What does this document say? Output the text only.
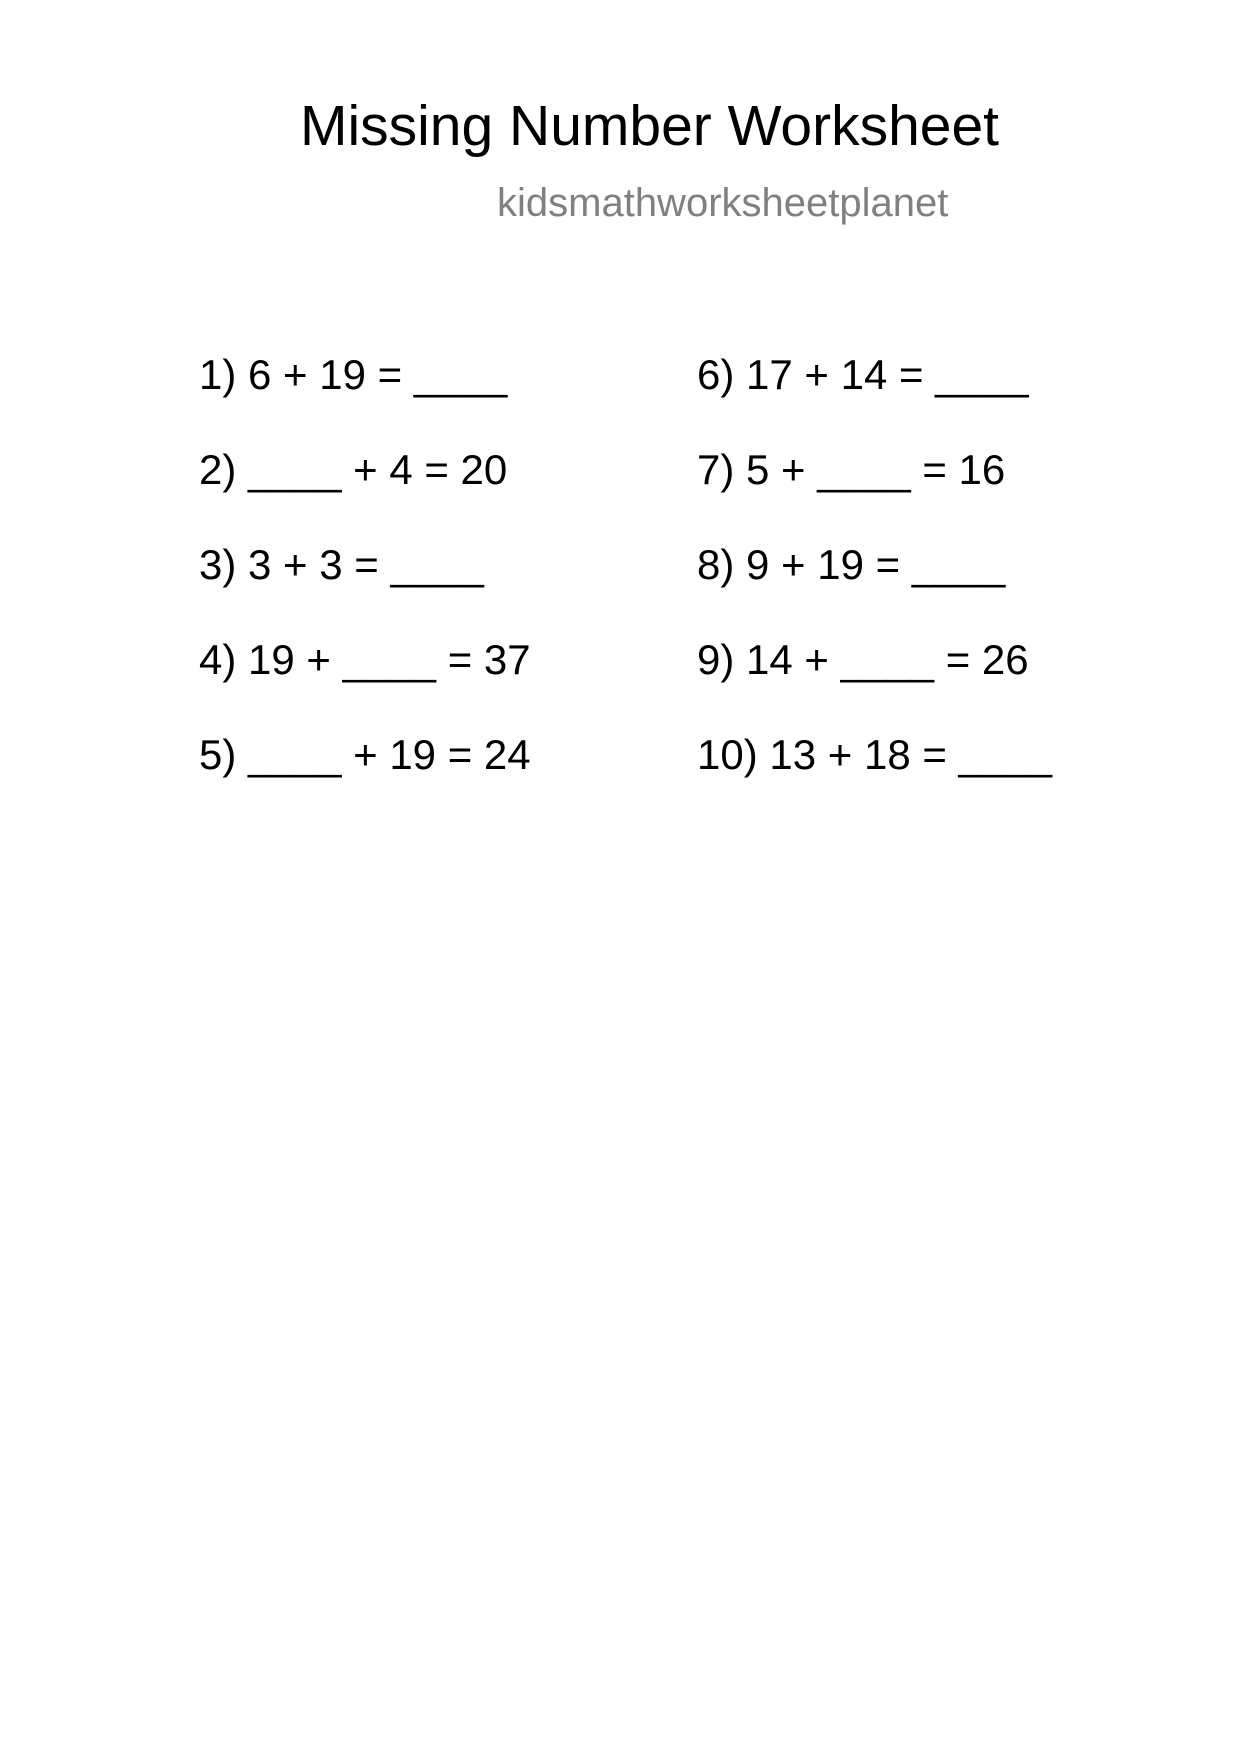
Missing Number Worksheet
kidsmathworksheetplanet
1) 6 + 19 = ____
2) ____ + 4 = 20
3) 3 + 3 = ____
4) 19 + ____ = 37
5) ____ + 19 = 24
6) 17 + 14 = ____
7) 5 + ____ = 16
8) 9 + 19 = ____
9) 14 + ____ = 26
10) 13 + 18 = ____
